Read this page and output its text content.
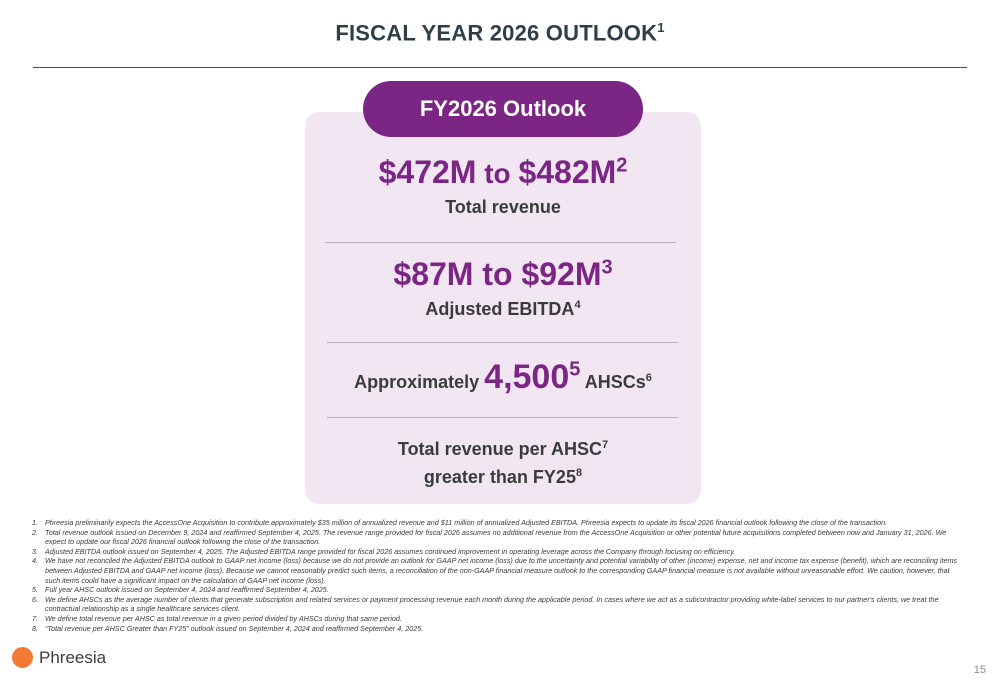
FISCAL YEAR 2026 OUTLOOK$^1$
FY2026 Outlook
$472M to $\$482M^2$
Total revenue
$87M to $\$92M^3$
Adjusted EBITDA$^4$
Approximately 4,500$^5$ AHSCs$^6$
Total revenue per AHSC$^7$
greater than $FY25^8$
1. Phreesia preliminarily expects the AccessOne Acquisition to contribute approximately $35 million of annualized revenue and $11 million of annualized Adjusted EBITDA. Phreesia expects to update its fiscal 2026 financial outlook following the close of the transaction.
2. Total revenue outlook issued on December 9, 2024 and reaffirmed September 4, 2025. The revenue range provided for fiscal 2026 assumes no additional revenue from the AccessOne Acquisition or other potential future acquisitions completed between now and January 31, 2026. We expect to update our fiscal 2026 financial outlook following the close of the transaction.
3. Adjusted EBITDA outlook issued on September 4, 2025. The Adjusted EBITDA range provided for fiscal 2026 assumes continued improvement in operating leverage across the Company through focusing on efficiency.
4. We have not reconciled the Adjusted EBITDA outlook to GAAP net income (loss) because we do not provide an outlook for GAAP net income (loss) due to the uncertainty and potential variability of other (income) expense, net and income tax expense (benefit), which are reconciling items between Adjusted EBITDA and GAAP net income (loss). Because we cannot reasonably predict such items, a reconciliation of the non-GAAP financial measure outlook to the corresponding GAAP financial measure is not available without unreasonable effort. We caution, however, that such items could have a significant impact on the calculation of GAAP net income (loss).
5. Full year AHSC outlook issued on September 4, 2024 and reaffirmed September 4, 2025.
6. We define AHSCs as the average number of clients that generate subscription and related services or payment processing revenue each month during the applicable period. In cases where we act as a subcontractor providing white-label services to our partner's clients, we treat the contractual relationship as a single healthcare services client.
7. We define total revenue per AHSC as total revenue in a given period divided by AHSCs during that same period.
8. “Total revenue per AHSC Greater than FY25” outlook issued on September 4, 2024 and reaffirmed September 4, 2025.
Phreesia
15
